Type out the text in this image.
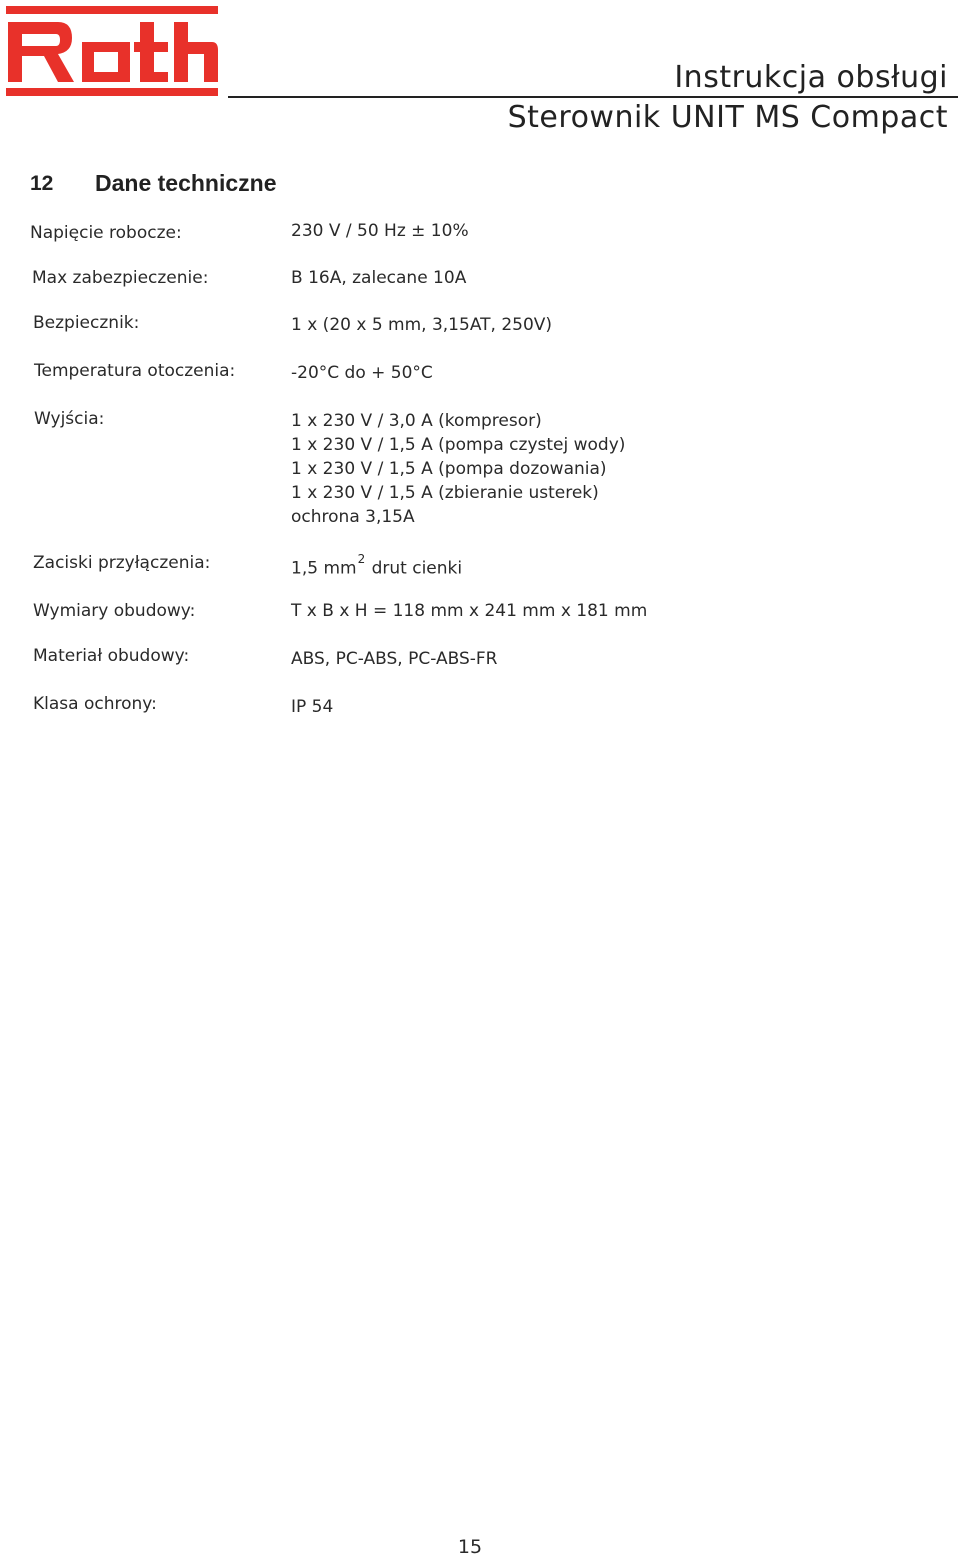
Instrukcja obsługi
Sterownik UNIT MS Compact
12 Dane techniczne
Napięcie robocze:	230 V / 50 Hz ± 10%
Max zabezpieczenie:	B 16A, zalecane 10A
Bezpiecznik:	1 x (20 x 5 mm, 3,15AT, 250V)
Temperatura otoczenia:	-20°C do + 50°C
Wyjścia:	1 x 230 V / 3,0 A (kompresor)
1 x 230 V / 1,5 A (pompa czystej wody)
1 x 230 V / 1,5 A (pompa dozowania)
1 x 230 V / 1,5 A (zbieranie usterek)
ochrona 3,15A
Zaciski przyłączenia:	1,5 $mm^2$ drut cienki
Wymiary obudowy:	T x B x H = 118 mm x 241 mm x 181 mm
Materiał obudowy:	ABS, PC-ABS, PC-ABS-FR
Klasa ochrony:	IP 54
15
